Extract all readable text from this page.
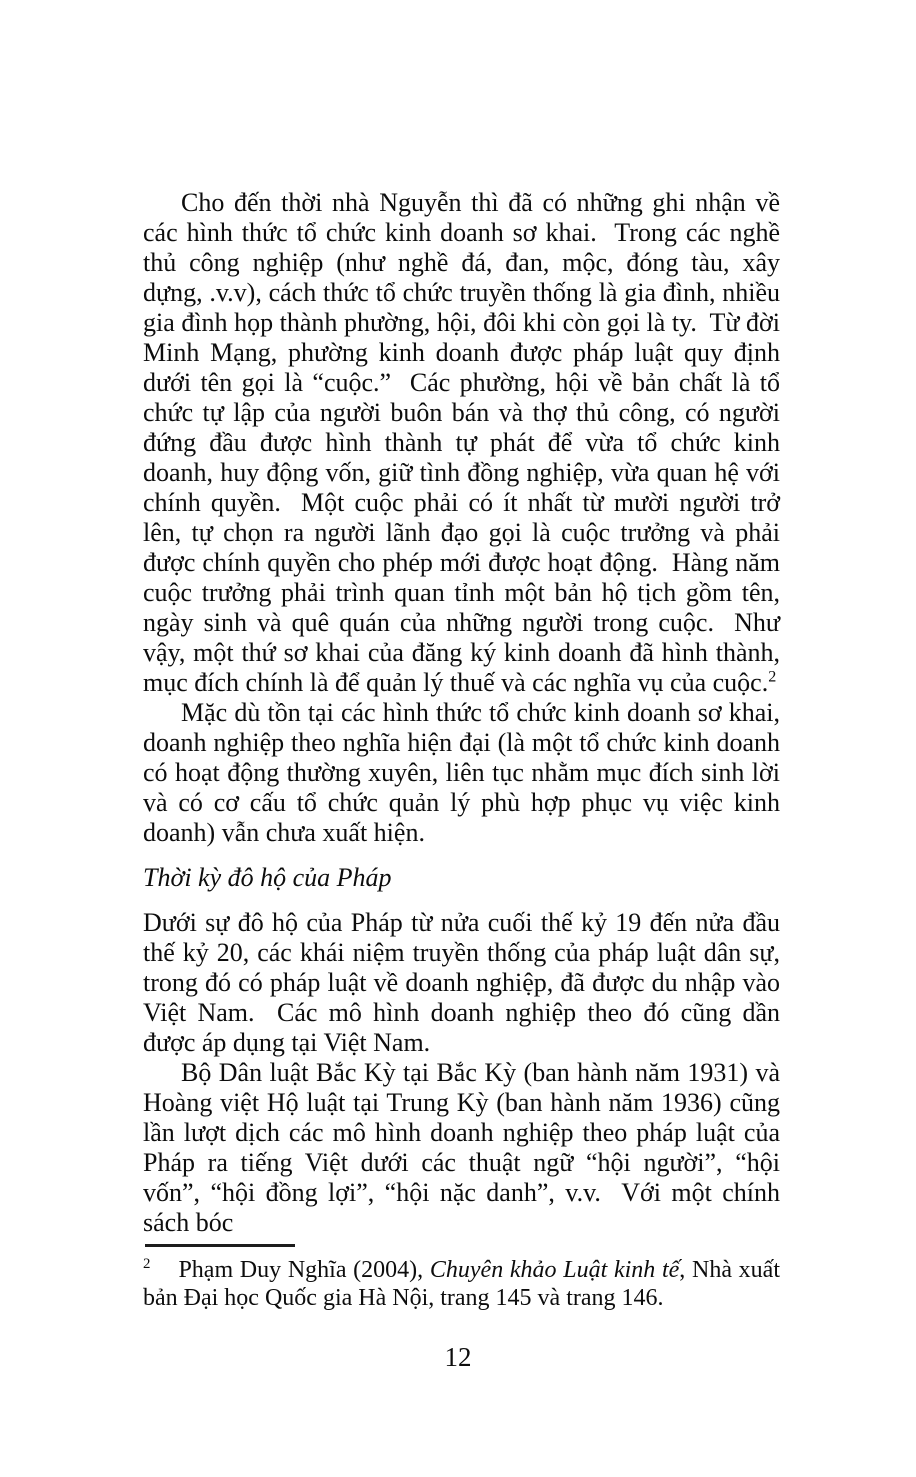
Cho đến thời nhà Nguyễn thì đã có những ghi nhận về các hình thức tổ chức kinh doanh sơ khai.  Trong các nghề thủ công nghiệp (như nghề đá, đan, mộc, đóng tàu, xây dựng, .v.v), cách thức tổ chức truyền thống là gia đình, nhiều gia đình họp thành phường, hội, đôi khi còn gọi là ty.  Từ đời Minh Mạng, phường kinh doanh được pháp luật quy định dưới tên gọi là “cuộc.”  Các phường, hội về bản chất là tổ chức tự lập của người buôn bán và thợ thủ công, có người đứng đầu được hình thành tự phát để vừa tổ chức kinh doanh, huy động vốn, giữ tình đồng nghiệp, vừa quan hệ với chính quyền.  Một cuộc phải có ít nhất từ mười người trở lên, tự chọn ra người lãnh đạo gọi là cuộc trưởng và phải được chính quyền cho phép mới được hoạt động.  Hàng năm cuộc trưởng phải trình quan tỉnh một bản hộ tịch gồm tên, ngày sinh và quê quán của những người trong cuộc.  Như vậy, một thứ sơ khai của đăng ký kinh doanh đã hình thành, mục đích chính là để quản lý thuế và các nghĩa vụ của cuộc.$^2$

Mặc dù tồn tại các hình thức tổ chức kinh doanh sơ khai, doanh nghiệp theo nghĩa hiện đại (là một tổ chức kinh doanh có hoạt động thường xuyên, liên tục nhằm mục đích sinh lời và có cơ cấu tổ chức quản lý phù hợp phục vụ việc kinh doanh) vẫn chưa xuất hiện.

Thời kỳ đô hộ của Pháp

Dưới sự đô hộ của Pháp từ nửa cuối thế kỷ 19 đến nửa đầu thế kỷ 20, các khái niệm truyền thống của pháp luật dân sự, trong đó có pháp luật về doanh nghiệp, đã được du nhập vào Việt Nam.  Các mô hình doanh nghiệp theo đó cũng dần được áp dụng tại Việt Nam.

Bộ Dân luật Bắc Kỳ tại Bắc Kỳ (ban hành năm 1931) và Hoàng việt Hộ luật tại Trung Kỳ (ban hành năm 1936) cũng lần lượt dịch các mô hình doanh nghiệp theo pháp luật của Pháp ra tiếng Việt dưới các thuật ngữ “hội người”, “hội vốn”, “hội đồng lợi”, “hội nặc danh”, v.v.  Với một chính sách bóc

$^2$ Phạm Duy Nghĩa (2004), Chuyên khảo Luật kinh tế, Nhà xuất bản Đại học Quốc gia Hà Nội, trang 145 và trang 146.

12
